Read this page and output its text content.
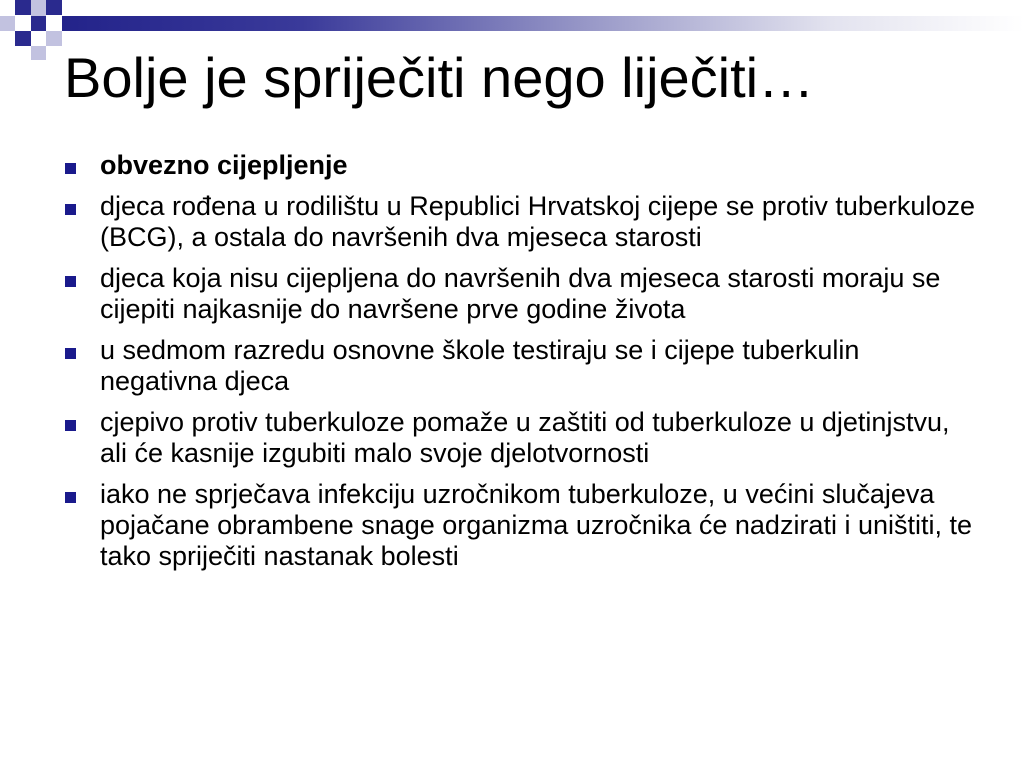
Bolje je spriječiti nego liječiti…
obvezno cijepljenje
djeca rođena u rodilištu u Republici Hrvatskoj cijepe se protiv tuberkuloze (BCG), a ostala do navršenih dva mjeseca starosti
djeca koja nisu cijepljena do navršenih dva mjeseca starosti moraju se cijepiti najkasnije do navršene prve godine života
u sedmom razredu osnovne škole testiraju se i cijepe tuberkulin negativna djeca
cjepivo protiv tuberkuloze pomaže u zaštiti od tuberkuloze u djetinjstvu, ali će kasnije izgubiti malo svoje djelotvornosti
iako ne sprječava infekciju uzročnikom tuberkuloze, u većini slučajeva pojačane obrambene snage organizma uzročnika će nadzirati i uništiti, te tako spriječiti nastanak bolesti
